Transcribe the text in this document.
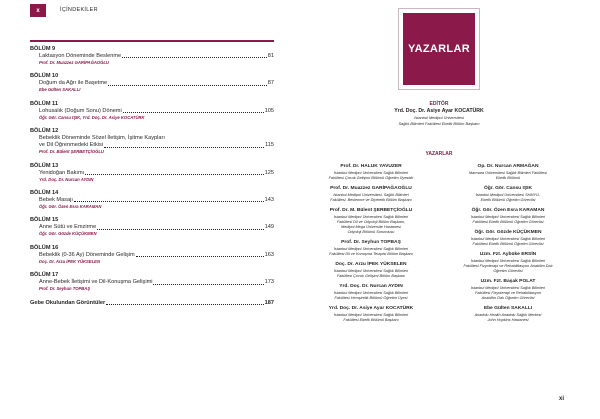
x	İÇİNDEKİLER
BÖLÜM 9
Laktasyon Döneminde Beslenme	81
Prof. Dr. Muazzez GARİPAĞAOĞLU
BÖLÜM 10
Doğum da Ağrı ile Başetme	87
Ebe Gülten SAKALLI
BÖLÜM 11
Lohusalık (Doğum Sonu) Dönemi	105
Öğr. Gör. Cansu IŞIK, Yrd. Doç. Dr. Asiye KOCATÜRK
BÖLÜM 12
Bebeklik Döneminde Sözel İletişim, İşitme Kaypları
ve Dil Öğrenmedeki Etkisi	115
Prof. Dr. Bülent ŞERBETÇİOĞLU
BÖLÜM 13
Yenidoğan Bakımı	125
Yrd. Doç. Dr. Nurcan AYDIN
BÖLÜM 14
Bebek Masajı	143
Öğr. Gör. Özen Esra KARAMAN
BÖLÜM 15
Anne Sütü ve Emzirme	149
Öğr. Gör. Gözde KÜÇÜKMEN
BÖLÜM 16
Bebeklik (0-36 Ay) Döneminde Gelişim	163
Doç. Dr. Arzu İPEK YÜKSELEN
BÖLÜM 17
Anne-Bebek İletişimi ve Dil-Konuşma Gelişimi	173
Prof. Dr. Seyhun TOPBAŞ
Gebe Okulundan Görüntüler	187
YAZARLAR
EDİTÖR
Yrd. Doç. Dr. Asiye Ayar KOCATÜRK
İstanbul Medipol Üniversitesi
Sağlık Bilimleri Fakültesi Ebelik Bölüm Başkanı
YAZARLAR
Prof. Dr. HALUK YAVUZER
İstanbul Medipol Üniversitesi Sağlık Bilimleri
Fakültesi Çocuk Gelişimi Bölümü Öğretim Üyesidir
Prof. Dr. Muazzez GARİPAĞAOĞLU
İstanbul Medipol Üniversitesi, Sağlık Bilimleri
Fakültesi, Beslenme ve Diyetetik Bölüm Başkanı
Prof. Dr. M. Bülent ŞERBETÇİOĞLU
İstanbul Medipol Üniversitesi Sağlık Bilimleri
Fakültesi Dil ve Odyoloji Bölüm Başkanı,
Medipol Mega Üniversite Hastanesi
Odyoloji Bölümü Sorumlusu
Prof. Dr. Seyhun TOPBAŞ
İstanbul Medipol Üniversitesi Sağlık Bilimleri
Fakültesi Dil ve Konuşma Terapisi Bölüm Başkanı
Doç. Dr. Arzu İPEK YÜKSELEN
İstanbul Medipol Üniversitesi Sağlık Bilimleri
Fakültesi Çocuk Gelişimi Bölüm Başkanı
Yrd. Doç. Dr. Nurcan AYDIN
İstanbul Medipol Üniversitesi Sağlık Bilimleri
Fakültesi Hemşirelik Bölümü Öğretim Üyesi
Yrd. Doç. Dr. Asiye Ayar KOCATÜRK
İstanbul Medipol Üniversitesi Sağlık Bilimleri
Fakültesi Ebelik Bölümü Başkanı
Op. Dr. Nurcan ARMAĞAN
Marmara Üniversitesi Sağlık Bilimleri Fakültesi
Ebelik Bölümü
Öğr. Gör. Cansu IŞIK
İstanbul Medipol Üniversitesi SHMYO-
Ebelik Bölümü Öğretim Görevlisi
Öğr. Gör. Özen Esra KARAMAN
İstanbul Medipol Üniversitesi Sağlık Bilimleri
Fakültesi Ebelik Bölümü Öğretim Görevlisi
Öğr. Gör. Gözde KÜÇÜKMEN
İstanbul Medipol Üniversitesi Sağlık Bilimleri
Fakültesi Ebelik Bölümü Öğretim Görevlisi
Uzm. Fzt. Aybüke ERSİN
İstanbul Medipol Üniversitesi Sağlık Bilimleri
Fakültesi Fizyoterapi ve Rehabilitasyon Anabilim Dalı
Öğretim Görevlisi
Uzm. Fzt. Başak POLAT
İstanbul Medipol Üniversitesi Sağlık Bilimleri
Fakültesi Fizyoterapi ve Rehabilitasyon
Anabilim Dalı Öğretim Görevlisi
Ebe Gülten SAKALLI
Anadolu Health Anadolu Sağlık Merkezi
John Hopkins Hastanesi
xi
